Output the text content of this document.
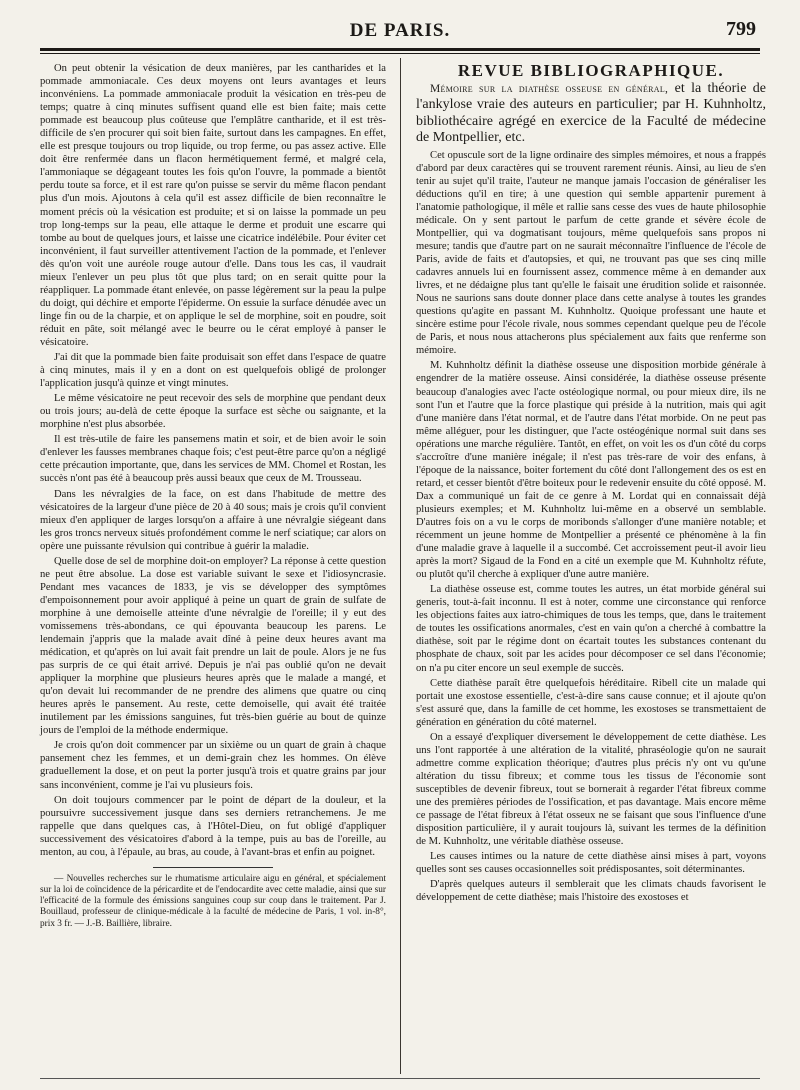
DE PARIS.	799

On peut obtenir la vésication de deux manières, par les cantharides et la pommade ammoniacale. Ces deux moyens ont leurs avantages et leurs inconvéniens. La pommade ammoniacale produit la vésication en très-peu de temps; quatre à cinq minutes suffisent quand elle est bien faite; mais cette pommade est beaucoup plus coûteuse que l'emplâtre cantharide, et il est très-difficile de s'en procurer qui soit bien faite, surtout dans les campagnes. En effet, elle est presque toujours ou trop liquide, ou trop ferme, ou pas assez active. Elle doit être renfermée dans un flacon hermétiquement fermé, et malgré cela, l'ammoniaque se dégageant toutes les fois qu'on l'ouvre, la pommade a bientôt perdu toute sa force, et il est rare qu'on puisse se servir du même flacon pendant plus d'un mois. Ajoutons à cela qu'il est assez difficile de bien reconnaître le moment précis où la vésication est produite; et si on laisse la pommade un peu trop long-temps sur la peau, elle attaque le derme et produit une escarre qui tombe au bout de quelques jours, et laisse une cicatrice indélébile. Pour éviter cet inconvénient, il faut surveiller attentivement l'action de la pommade, et l'enlever dès qu'on voit une auréole rouge autour d'elle. Dans tous les cas, il vaudrait mieux l'enlever un peu plus tôt que plus tard; on en serait quitte pour la réappliquer. La pommade étant enlevée, on passe légèrement sur la peau la pulpe du doigt, qui déchire et emporte l'épiderme. On essuie la surface dénudée avec un linge fin ou de la charpie, et on applique le sel de morphine, soit en poudre, soit réduit en pâte, soit mélangé avec le beurre ou le cérat employé à panser le vésicatoire.

J'ai dit que la pommade bien faite produisait son effet dans l'espace de quatre à cinq minutes, mais il y en a dont on est quelquefois obligé de prolonger l'application jusqu'à quinze et vingt minutes.

Le même vésicatoire ne peut recevoir des sels de morphine que pendant deux ou trois jours; au-delà de cette époque la surface est sèche ou saignante, et la morphine n'est plus absorbée.

Il est très-utile de faire les pansemens matin et soir, et de bien avoir le soin d'enlever les fausses membranes chaque fois; c'est peut-être parce qu'on a négligé cette précaution importante, que, dans les services de MM. Chomel et Rostan, les succès n'ont pas été à beaucoup près aussi beaux que ceux de M. Trousseau.

Dans les névralgies de la face, on est dans l'habitude de mettre des vésicatoires de la largeur d'une pièce de 20 à 40 sous; mais je crois qu'il convient mieux d'en appliquer de larges lorsqu'on a affaire à une névralgie siégeant dans les gros troncs nerveux situés profondément comme le nerf sciatique; car alors on opère une puissante révulsion qui contribue à guérir la maladie.

Quelle dose de sel de morphine doit-on employer? La réponse à cette question ne peut être absolue. La dose est variable suivant le sexe et l'idiosyncrasie. Pendant mes vacances de 1833, je vis se développer des symptômes d'empoisonnement pour avoir appliqué à peine un quart de grain de sulfate de morphine à une demoiselle atteinte d'une névralgie de l'oreille; il y eut des vomissemens très-abondans, ce qui épouvanta beaucoup les parens. Le lendemain j'appris que la malade avait dîné à peine deux heures avant ma médication, et qu'après on lui avait fait prendre un lait de poule. Alors je ne fus pas surpris de ce qui était arrivé. Depuis je n'ai pas oublié qu'on ne devait appliquer la morphine que plusieurs heures après que le malade a mangé, et qu'on devait lui recommander de ne prendre des alimens que quatre ou cinq heures après le pansement. Au reste, cette demoiselle, qui avait été traitée inutilement par les émissions sanguines, fut très-bien guérie au bout de quinze jours de l'emploi de la méthode endermique.

Je crois qu'on doit commencer par un sixième ou un quart de grain à chaque pansement chez les femmes, et un demi-grain chez les hommes. On élève graduellement la dose, et on peut la porter jusqu'à trois et quatre grains par jour sans inconvénient, comme je l'ai vu plusieurs fois.

On doit toujours commencer par le point de départ de la douleur, et la poursuivre successivement jusque dans ses derniers retranchemens. Je me rappelle que dans quelques cas, à l'Hôtel-Dieu, on fut obligé d'appliquer successivement des vésicatoires d'abord à la tempe, puis au bas de l'oreille, au menton, au cou, à l'épaule, au bras, au coude, à l'avant-bras et enfin au poignet.

— Nouvelles recherches sur le rhumatisme articulaire aigu en général, et spécialement sur la loi de coïncidence de la péricardite et de l'endocardite avec cette maladie, ainsi que sur l'efficacité de la formule des émissions sanguines coup sur coup dans le traitement. Par J. Bouillaud, professeur de clinique-médicale à la faculté de médecine de Paris, 1 vol. in-8°, prix 3 fr. — J.-B. Baillière, libraire.

REVUE BIBLIOGRAPHIQUE.

Mémoire sur la diathèse osseuse en général, et la théorie de l'ankylose vraie des auteurs en particulier; par H. Kuhnholtz, bibliothécaire agrégé en exercice de la Faculté de médecine de Montpellier, etc.

Cet opuscule sort de la ligne ordinaire des simples mémoires, et nous a frappés d'abord par deux caractères qui se trouvent rarement réunis. Ainsi, au lieu de s'en tenir au sujet qu'il traite, l'auteur ne manque jamais l'occasion de généraliser les déductions qu'il en tire; à une question qui semble appartenir purement à l'anatomie pathologique, il mêle et rallie sans cesse des vues de haute philosophie médicale. On y sent partout le parfum de cette grande et sévère école de Montpellier, qui va dogmatisant toujours, même quelquefois sans propos ni mesure; tandis que d'autre part on ne saurait méconnaître l'influence de l'école de Paris, avide de faits et d'autopsies, et qui, ne trouvant pas que ses cinq mille cadavres annuels lui en fournissent assez, commence même à en demander aux livres, et ne dédaigne plus tant qu'elle le faisait une érudition solide et raisonnée. Nous ne saurions sans doute donner place dans cette analyse à toutes les grandes questions qu'agite en passant M. Kuhnholtz. Quoique professant une haute et sincère estime pour l'école rivale, nous sommes cependant quelque peu de l'école de Paris, et nous nous attacherons plus spécialement aux faits que renferme son mémoire.

M. Kuhnholtz définit la diathèse osseuse une disposition morbide générale à engendrer de la matière osseuse. Ainsi considérée, la diathèse osseuse présente beaucoup d'analogies avec l'acte ostéologique normal, ou pour mieux dire, ils ne sont l'un et l'autre que la force plastique qui préside à la nutrition, mais qui agit d'une manière dans l'état normal, et de l'autre dans l'état morbide. On ne peut pas même alléguer, pour les distinguer, que l'acte ostéogénique normal suit dans ses opérations une marche régulière. Tantôt, en effet, on voit les os d'un côté du corps s'accroître d'une manière inégale; il n'est pas très-rare de voir des enfans, à l'époque de la naissance, boiter fortement du côté dont l'allongement des os est en retard, et cesser bientôt d'être boiteux pour le redevenir ensuite du côté opposé. M. Dax a communiqué un fait de ce genre à M. Lordat qui en connaissait déjà plusieurs exemples; et M. Kuhnholtz lui-même en a observé un semblable. D'autres fois on a vu le corps de moribonds s'allonger d'une manière notable; et récemment un jeune homme de Montpellier a présenté ce phénomène à la fin d'une maladie grave à laquelle il a succombé. Cet accroissement peut-il avoir lieu après la mort? Sigaud de la Fond en a cité un exemple que M. Kuhnholtz réfute, ou plutôt qu'il cherche à expliquer d'une autre manière.

La diathèse osseuse est, comme toutes les autres, un état morbide général sui generis, tout-à-fait inconnu. Il est à noter, comme une circonstance qui renforce les objections faites aux iatro-chimiques de tous les temps, que, dans le traitement de toutes les ossifications anormales, c'est en vain qu'on a cherché à combattre la diathèse, soit par le régime dont on écartait toutes les substances contenant du phosphate de chaux, soit par les acides pour décomposer ce sel dans l'économie; on n'a pu citer encore un seul exemple de succès.

Cette diathèse paraît être quelquefois héréditaire. Ribell cite un malade qui portait une exostose essentielle, c'est-à-dire sans cause connue; et il ajoute qu'on s'est assuré que, dans la famille de cet homme, les exostoses se transmettaient de génération en génération du côté maternel.

On a essayé d'expliquer diversement le développement de cette diathèse. Les uns l'ont rapportée à une altération de la vitalité, phraséologie qu'on ne saurait admettre comme explication théorique; d'autres plus précis n'y ont vu qu'une altération du tissu fibreux; et comme tous les tissus de l'économie sont susceptibles de devenir fibreux, tout se bornerait à regarder l'état fibreux comme une des premières périodes de l'ossification, et pas davantage. Mais encore même ce passage de l'état fibreux à l'état osseux ne se faisant que sous l'influence d'une disposition particulière, il y aurait toujours là, suivant les termes de la définition de M. Kuhnholtz, une véritable diathèse osseuse.

Les causes intimes ou la nature de cette diathèse ainsi mises à part, voyons quelles sont ses causes occasionnelles soit prédisposantes, soit déterminantes.

D'après quelques auteurs il semblerait que les climats chauds favorisent le développement de cette diathèse; mais l'histoire des exostoses et
